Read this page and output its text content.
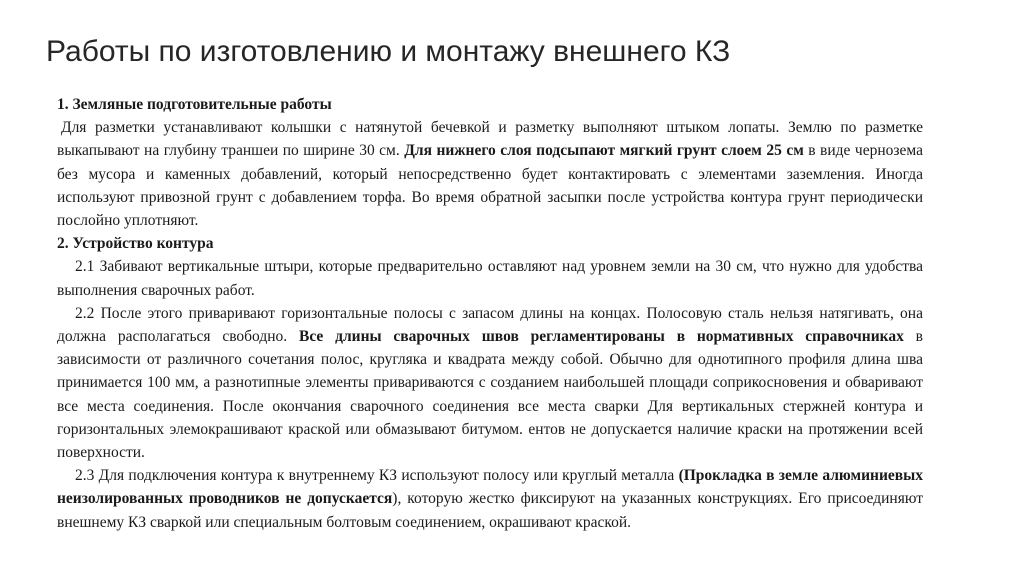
Работы по изготовлению и монтажу внешнего КЗ
1. Земляные подготовительные работы

Для разметки устанавливают колышки с натянутой бечевкой и разметку выполняют штыком лопаты. Землю по разметке выкапывают на глубину траншеи по ширине 30 см. Для нижнего слоя подсыпают мягкий грунт слоем 25 см в виде чернозема без мусора и каменных добавлений, который непосредственно будет контактировать с элементами заземления. Иногда используют привозной грунт с добавлением торфа. Во время обратной засыпки после устройства контура грунт периодически послойно уплотняют.

2. Устройство контура

2.1 Забивают вертикальные штыри, которые предварительно оставляют над уровнем земли на 30 см, что нужно для удобства выполнения сварочных работ.

2.2 После этого приваривают горизонтальные полосы с запасом длины на концах. Полосовую сталь нельзя натягивать, она должна располагаться свободно. Все длины сварочных швов регламентированы в нормативных справочниках в зависимости от различного сочетания полос, кругляка и квадрата между собой. Обычно для однотипного профиля длина шва принимается 100 мм, а разнотипные элементы привариваются с созданием наибольшей площади соприкосновения и обваривают все места соединения. После окончания сварочного соединения все места сварки Для вертикальных стержней контура и горизонтальных элемокрашивают краской или обмазывают битумом. ентов не допускается наличие краски на протяжении всей поверхности.

2.3 Для подключения контура к внутреннему КЗ используют полосу или круглый металла (Прокладка в земле алюминиевых неизолированных проводников не допускается), которую жестко фиксируют на указанных конструкциях. Его присоединяют внешнему КЗ сваркой или специальным болтовым соединением, окрашивают краской.
